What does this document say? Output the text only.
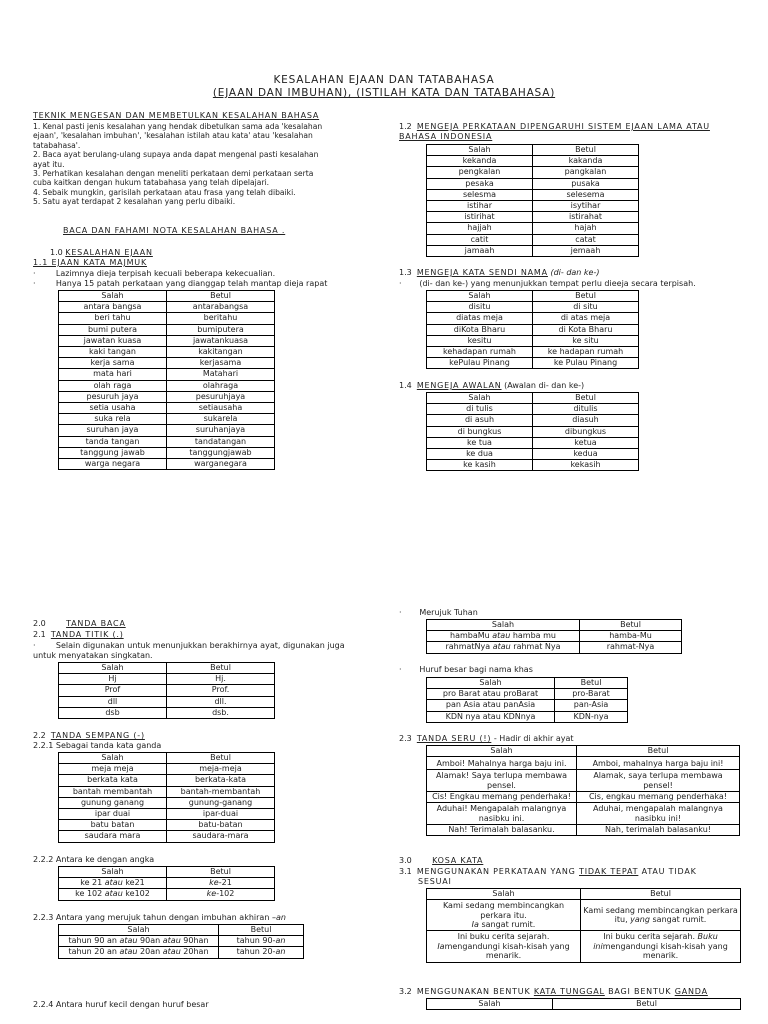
KESALAHAN EJAAN DAN TATABAHASA
(EJAAN DAN IMBUHAN), (ISTILAH KATA DAN TATABAHASA)
TEKNIK MENGESAN DAN MEMBETULKAN KESALAHAN BAHASA
1. Kenal pasti jenis kesalahan yang hendak dibetulkan sama ada 'kesalahan
ejaan', 'kesalahan imbuhan', 'kesalahan istilah atau kata' atau 'kesalahan
tatabahasa'.
2. Baca ayat berulang-ulang supaya anda dapat mengenal pasti kesalahan
ayat itu.
3. Perhatikan kesalahan dengan meneliti perkataan demi perkataan serta
cuba kaitkan dengan hukum tatabahasa yang telah dipelajari.
4. Sebaik mungkin, garisilah perkataan atau frasa yang telah dibaiki.
5. Satu ayat terdapat 2 kesalahan yang perlu dibaiki.
BACA DAN FAHAMI NOTA KESALAHAN BAHASA .
1.0 KESALAHAN EJAAN
1.1 EJAAN KATA MAJMUK
·        Lazimnya dieja terpisah kecuali beberapa kekecualian.
·        Hanya 15 patah perkataan yang dianggap telah mantap dieja rapat
Salah	Betul
antara bangsa	antarabangsa
beri tahu	beritahu
bumi putera	bumiputera
jawatan kuasa	jawatankuasa
kaki tangan	kakitangan
kerja sama	kerjasama
mata hari	Matahari
olah raga	olahraga
pesuruh jaya	pesuruhjaya
setia usaha	setiausaha
suka rela	sukarela
suruhan jaya	suruhanjaya
tanda tangan	tandatangan
tanggung jawab	tanggungjawab
warga negara	warganegara
1.2 MENGEJA PERKATAAN DIPENGARUHI SISTEM EJAAN LAMA ATAU
BAHASA INDONESIA
Salah	Betul
kekanda	kakanda
pengkalan	pangkalan
pesaka	pusaka
selesma	selesema
istihar	isytihar
istirihat	istirahat
hajjah	hajah
catit	catat
jamaah	jemaah
1.3 MENGEJA KATA SENDI NAMA (di- dan ke-)
·       (di- dan ke-) yang menunjukkan tempat perlu dieeja secara terpisah.
Salah	Betul
disitu	di situ
diatas meja	di atas meja
diKota Bharu	di Kota Bharu
kesitu	ke situ
kehadapan rumah	ke hadapan rumah
kePulau Pinang	ke Pulau Pinang
1.4 MENGEJA AWALAN (Awalan di- dan ke-)
Salah	Betul
di tulis	ditulis
di asuh	diasuh
di bungkus	dibungkus
ke tua	ketua
ke dua	kedua
ke kasih	kekasih
2.0	TANDA BACA
2.1 TANDA TITIK (.)
·        Selain digunakan untuk menunjukkan berakhirnya ayat, digunakan juga
untuk menyatakan singkatan.
Salah	Betul
Hj	Hj.
Prof	Prof.
dll	dll.
dsb	dsb.
2.2 TANDA SEMPANG (-)
2.2.1 Sebagai tanda kata ganda
Salah	Betul
meja meja	meja-meja
berkata kata	berkata-kata
bantah membantah	bantah-membantah
gunung ganang	gunung-ganang
ipar duai	ipar-duai
batu batan	batu-batan
saudara mara	saudara-mara
2.2.2 Antara ke dengan angka
Salah	Betul
ke 21 atau ke21	ke-21
ke 102 atau ke102	ke-102
2.2.3 Antara yang merujuk tahun dengan imbuhan akhiran –an
Salah	Betul
tahun 90 an atau 90an atau 90han	tahun 90-an
tahun 20 an atau 20an atau 20han	tahun 20-an
2.2.4 Antara huruf kecil dengan huruf besar
·       Merujuk Tuhan
Salah	Betul
hambaMu atau hamba mu	hamba-Mu
rahmatNya atau rahmat Nya	rahmat-Nya
·       Huruf besar bagi nama khas
Salah	Betul
pro Barat atau proBarat	pro-Barat
pan Asia atau panAsia	pan-Asia
KDN nya atau KDNnya	KDN-nya
2.3 TANDA SERU (!) - Hadir di akhir ayat
Salah	Betul
Amboi! Mahalnya harga baju ini.	Amboi, mahalnya harga baju ini!
Alamak! Saya terlupa membawa pensel.	Alamak, saya terlupa membawa pensel!
Cis! Engkau memang penderhaka!	Cis, engkau memang penderhaka!
Aduhai! Mengapalah malangnya nasibku ini.	Aduhai, mengapalah malangnya nasibku ini!
Nah! Terimalah balasanku.	Nah, terimalah balasanku!
3.0	KOSA KATA
3.1 MENGGUNAKAN PERKATAAN YANG TIDAK TEPAT ATAU TIDAK
SESUAI
Salah	Betul
Kami sedang membincangkan perkara itu.
Ia sangat rumit.	Kami sedang membincangkan perkara itu, yang sangat rumit.
Ini buku cerita sejarah. Iamengandungi kisah-kisah yang menarik.	Ini buku cerita sejarah. Buku inimengandungi kisah-kisah yang menarik.
3.2 MENGGUNAKAN BENTUK KATA TUNGGAL BAGI BENTUK GANDA
Salah	Betul
